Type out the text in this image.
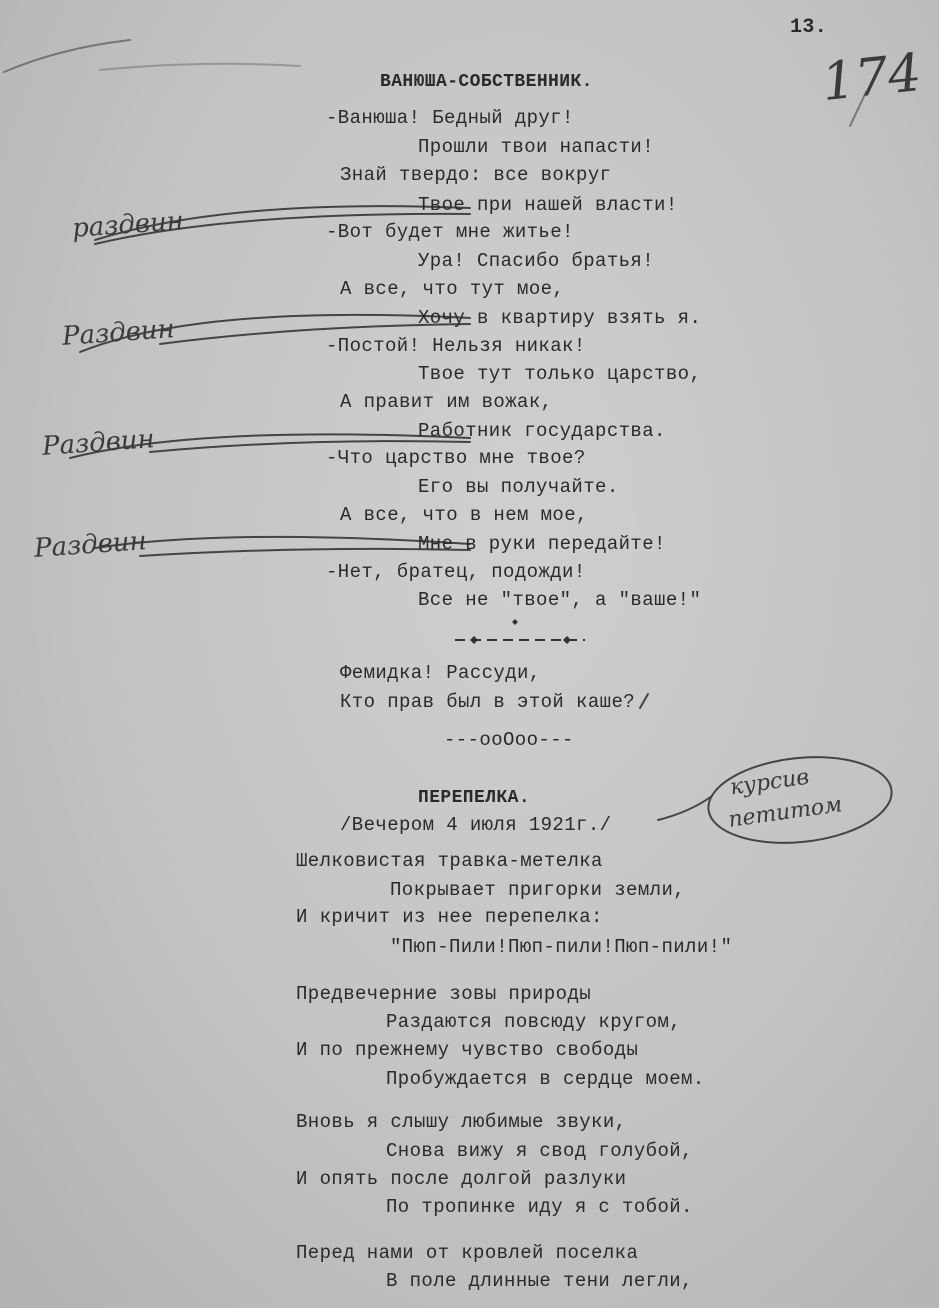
13.
174
раздвин
Раздвин
Раздвин
Раздвин
ВАНЮША-СОБСТВЕННИК.
-Ванюша! Бедный друг!
Прошли твои напасти!
Знай твердо: все вокруг
Твое при нашей власти!
-Вот будет мне житье!
Ура! Спасибо братья!
А все, что тут мое,
Хочу в квартиру взять я.
-Постой! Нельзя никак!
Твое тут только царство,
А правит им вожак,
Работник государства.
-Что царство мне твое?
Его вы получайте.
А все, что в нем мое,
Мне в руки передайте!
-Нет, братец, подожди!
Все не "твое", а "ваше!"
Фемидка! Рассуди,
Кто прав был в этой каше?
---ooOoo---
ПЕРЕПЕЛКА.
/Вечером 4 июля 1921г./
курсив
петитом
Шелковистая травка-метелка
Покрывает пригорки земли,
И кричит из нее перепелка:
"Пюп-Пили!Пюп-пили!Пюп-пили!"
Предвечерние зовы природы
Раздаются повсюду кругом,
И по прежнему чувство свободы
Пробуждается в сердце моем.
Вновь я слышу любимые звуки,
Снова вижу я свод голубой,
И опять после долгой разлуки
По тропинке иду я с тобой.
Перед нами от кровлей поселка
В поле длинные тени легли,
